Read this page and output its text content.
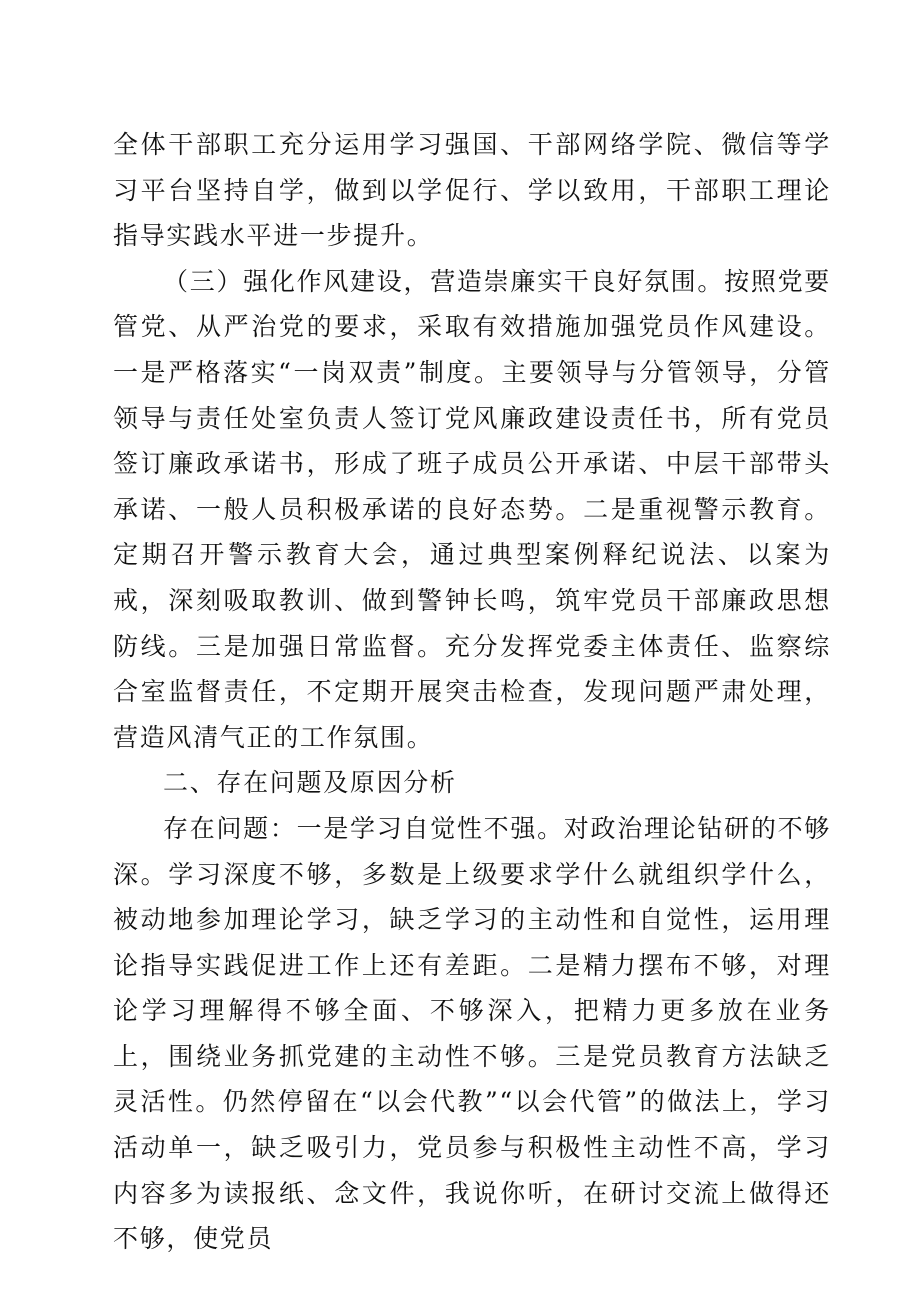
全体干部职工充分运用学习强国、干部网络学院、微信等学习平台坚持自学，做到以学促行、学以致用，干部职工理论指导实践水平进一步提升。

（三）强化作风建设，营造崇廉实干良好氛围。按照党要管党、从严治党的要求，采取有效措施加强党员作风建设。一是严格落实“一岗双责”制度。主要领导与分管领导，分管领导与责任处室负责人签订党风廉政建设责任书，所有党员签订廉政承诺书，形成了班子成员公开承诺、中层干部带头承诺、一般人员积极承诺的良好态势。二是重视警示教育。定期召开警示教育大会，通过典型案例释纪说法、以案为戒，深刻吸取教训、做到警钟长鸣，筑牢党员干部廉政思想防线。三是加强日常监督。充分发挥党委主体责任、监察综合室监督责任，不定期开展突击检查，发现问题严肃处理，营造风清气正的工作氛围。

二、存在问题及原因分析

存在问题：一是学习自觉性不强。对政治理论钻研的不够深。学习深度不够，多数是上级要求学什么就组织学什么，被动地参加理论学习，缺乏学习的主动性和自觉性，运用理论指导实践促进工作上还有差距。二是精力摆布不够，对理论学习理解得不够全面、不够深入，把精力更多放在业务上，围绕业务抓党建的主动性不够。三是党员教育方法缺乏灵活性。仍然停留在“以会代教”“以会代管”的做法上，学习活动单一，缺乏吸引力，党员参与积极性主动性不高，学习内容多为读报纸、念文件，我说你听，在研讨交流上做得还不够，使党员
